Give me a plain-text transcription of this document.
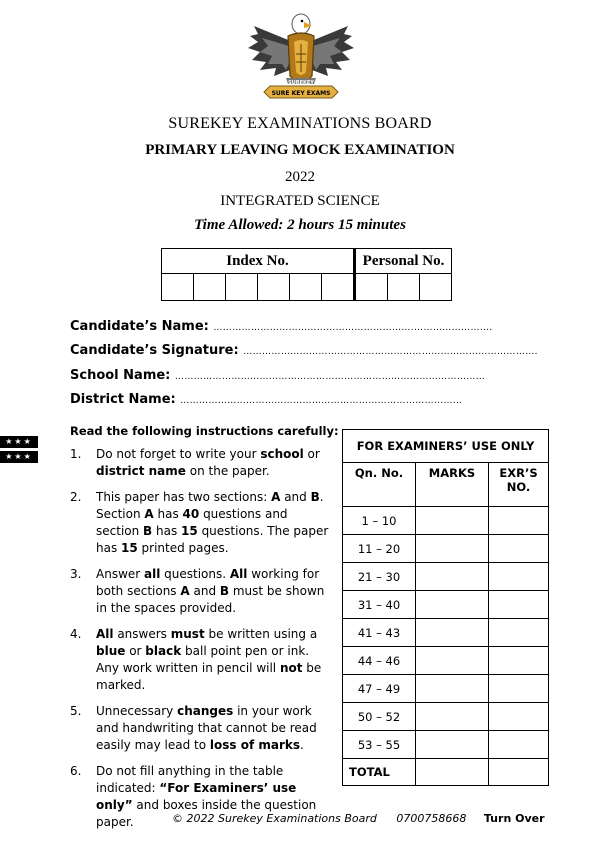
SURE KEY EXAMS
SUREKEY
SUREKEY EXAMINATIONS BOARD
PRIMARY LEAVING MOCK EXAMINATION
2022
INTEGRATED SCIENCE
Time Allowed: 2 hours 15 minutes
Index No.						Personal No.		

Candidate’s Name: ……………………………………………………….…………………….
Candidate’s Signature: ………………………………………………………………………………….
School Name: ………………………………………………………………………………………
District Name: ………………………………………………………………………………
★★★
★★★
Read the following instructions carefully:
1. Do not forget to write your school or district name on the paper.
2. This paper has two sections: A and B. Section A has 40 questions and section B has 15 questions. The paper has 15 printed pages.
3. Answer all questions. All working for both sections A and B must be shown in the spaces provided.
4. All answers must be written using a blue or black ball point pen or ink. Any work written in pencil will not be marked.
5. Unnecessary changes in your work and handwriting that cannot be read easily may lead to loss of marks.
6. Do not fill anything in the table indicated: “For Examiners’ use only” and boxes inside the question paper.
FOR EXAMINERS’ USE ONLY		
Qn. No.	MARKS	EXR’S NO.
1 – 10		
11 – 20		
21 – 30		
31 – 40		
41 – 43		
44 – 46		
47 – 49		
50 – 52		
53 – 55		
TOTAL		
© 2022 Surekey Examinations Board 0700758668 Turn Over
